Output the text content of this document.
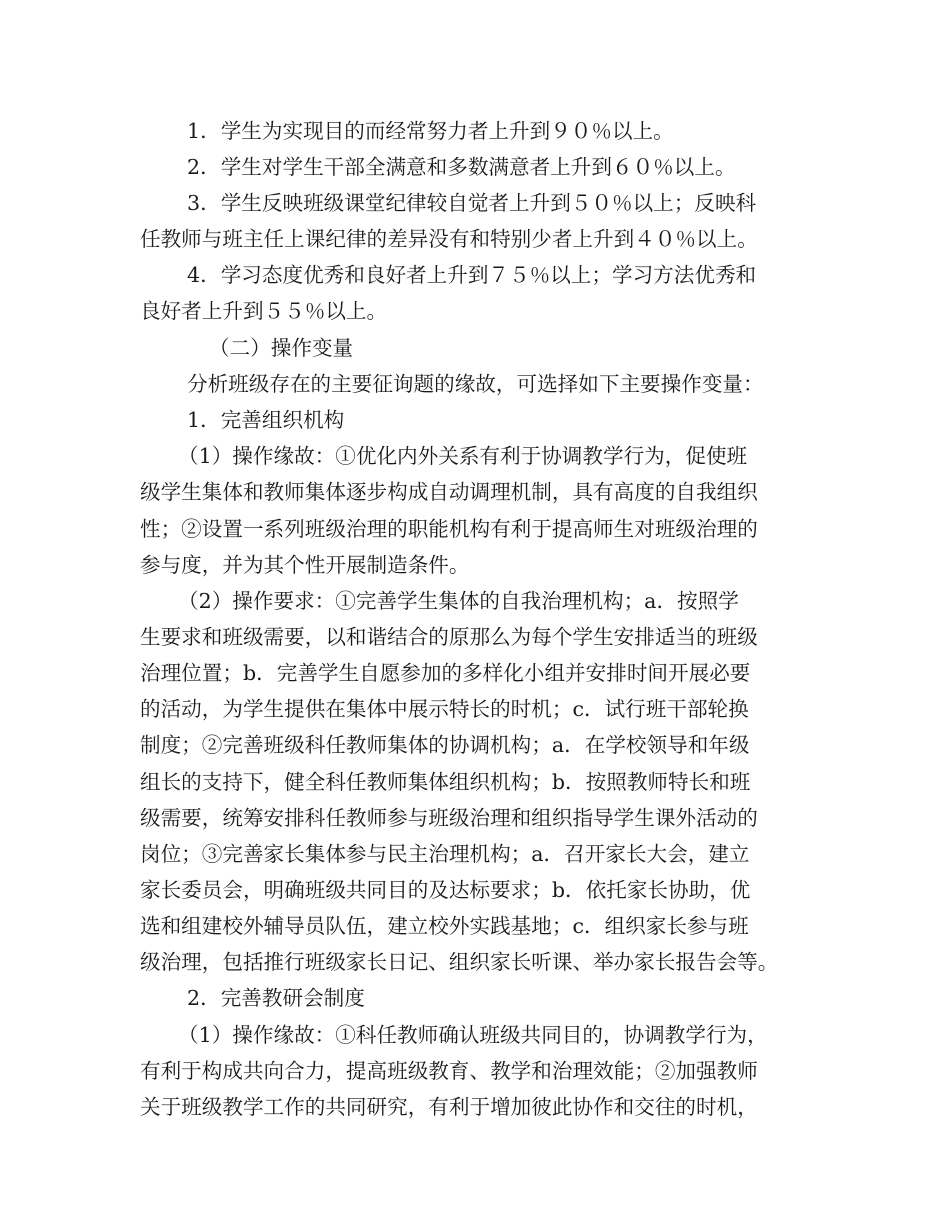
1．学生为实现目的而经常努力者上升到９０％以上。
2．学生对学生干部全满意和多数满意者上升到６０％以上。
3．学生反映班级课堂纪律较自觉者上升到５０％以上；反映科
任教师与班主任上课纪律的差异没有和特别少者上升到４０％以上。
4．学习态度优秀和良好者上升到７５％以上；学习方法优秀和
良好者上升到５５％以上。
（二）操作变量
分析班级存在的主要征询题的缘故，可选择如下主要操作变量：
1．完善组织机构
（1）操作缘故：①优化内外关系有利于协调教学行为，促使班
级学生集体和教师集体逐步构成自动调理机制，具有高度的自我组织
性；②设置一系列班级治理的职能机构有利于提高师生对班级治理的
参与度，并为其个性开展制造条件。
（2）操作要求：①完善学生集体的自我治理机构；a．按照学
生要求和班级需要，以和谐结合的原那么为每个学生安排适当的班级
治理位置；b．完善学生自愿参加的多样化小组并安排时间开展必要
的活动，为学生提供在集体中展示特长的时机；c．试行班干部轮换
制度；②完善班级科任教师集体的协调机构；a．在学校领导和年级
组长的支持下，健全科任教师集体组织机构；b．按照教师特长和班
级需要，统筹安排科任教师参与班级治理和组织指导学生课外活动的
岗位；③完善家长集体参与民主治理机构；a．召开家长大会，建立
家长委员会，明确班级共同目的及达标要求；b．依托家长协助，优
选和组建校外辅导员队伍，建立校外实践基地；c．组织家长参与班
级治理，包括推行班级家长日记、组织家长听课、举办家长报告会等。
2．完善教研会制度
（1）操作缘故：①科任教师确认班级共同目的，协调教学行为，
有利于构成共向合力，提高班级教育、教学和治理效能；②加强教师
关于班级教学工作的共同研究，有利于增加彼此协作和交往的时机，
